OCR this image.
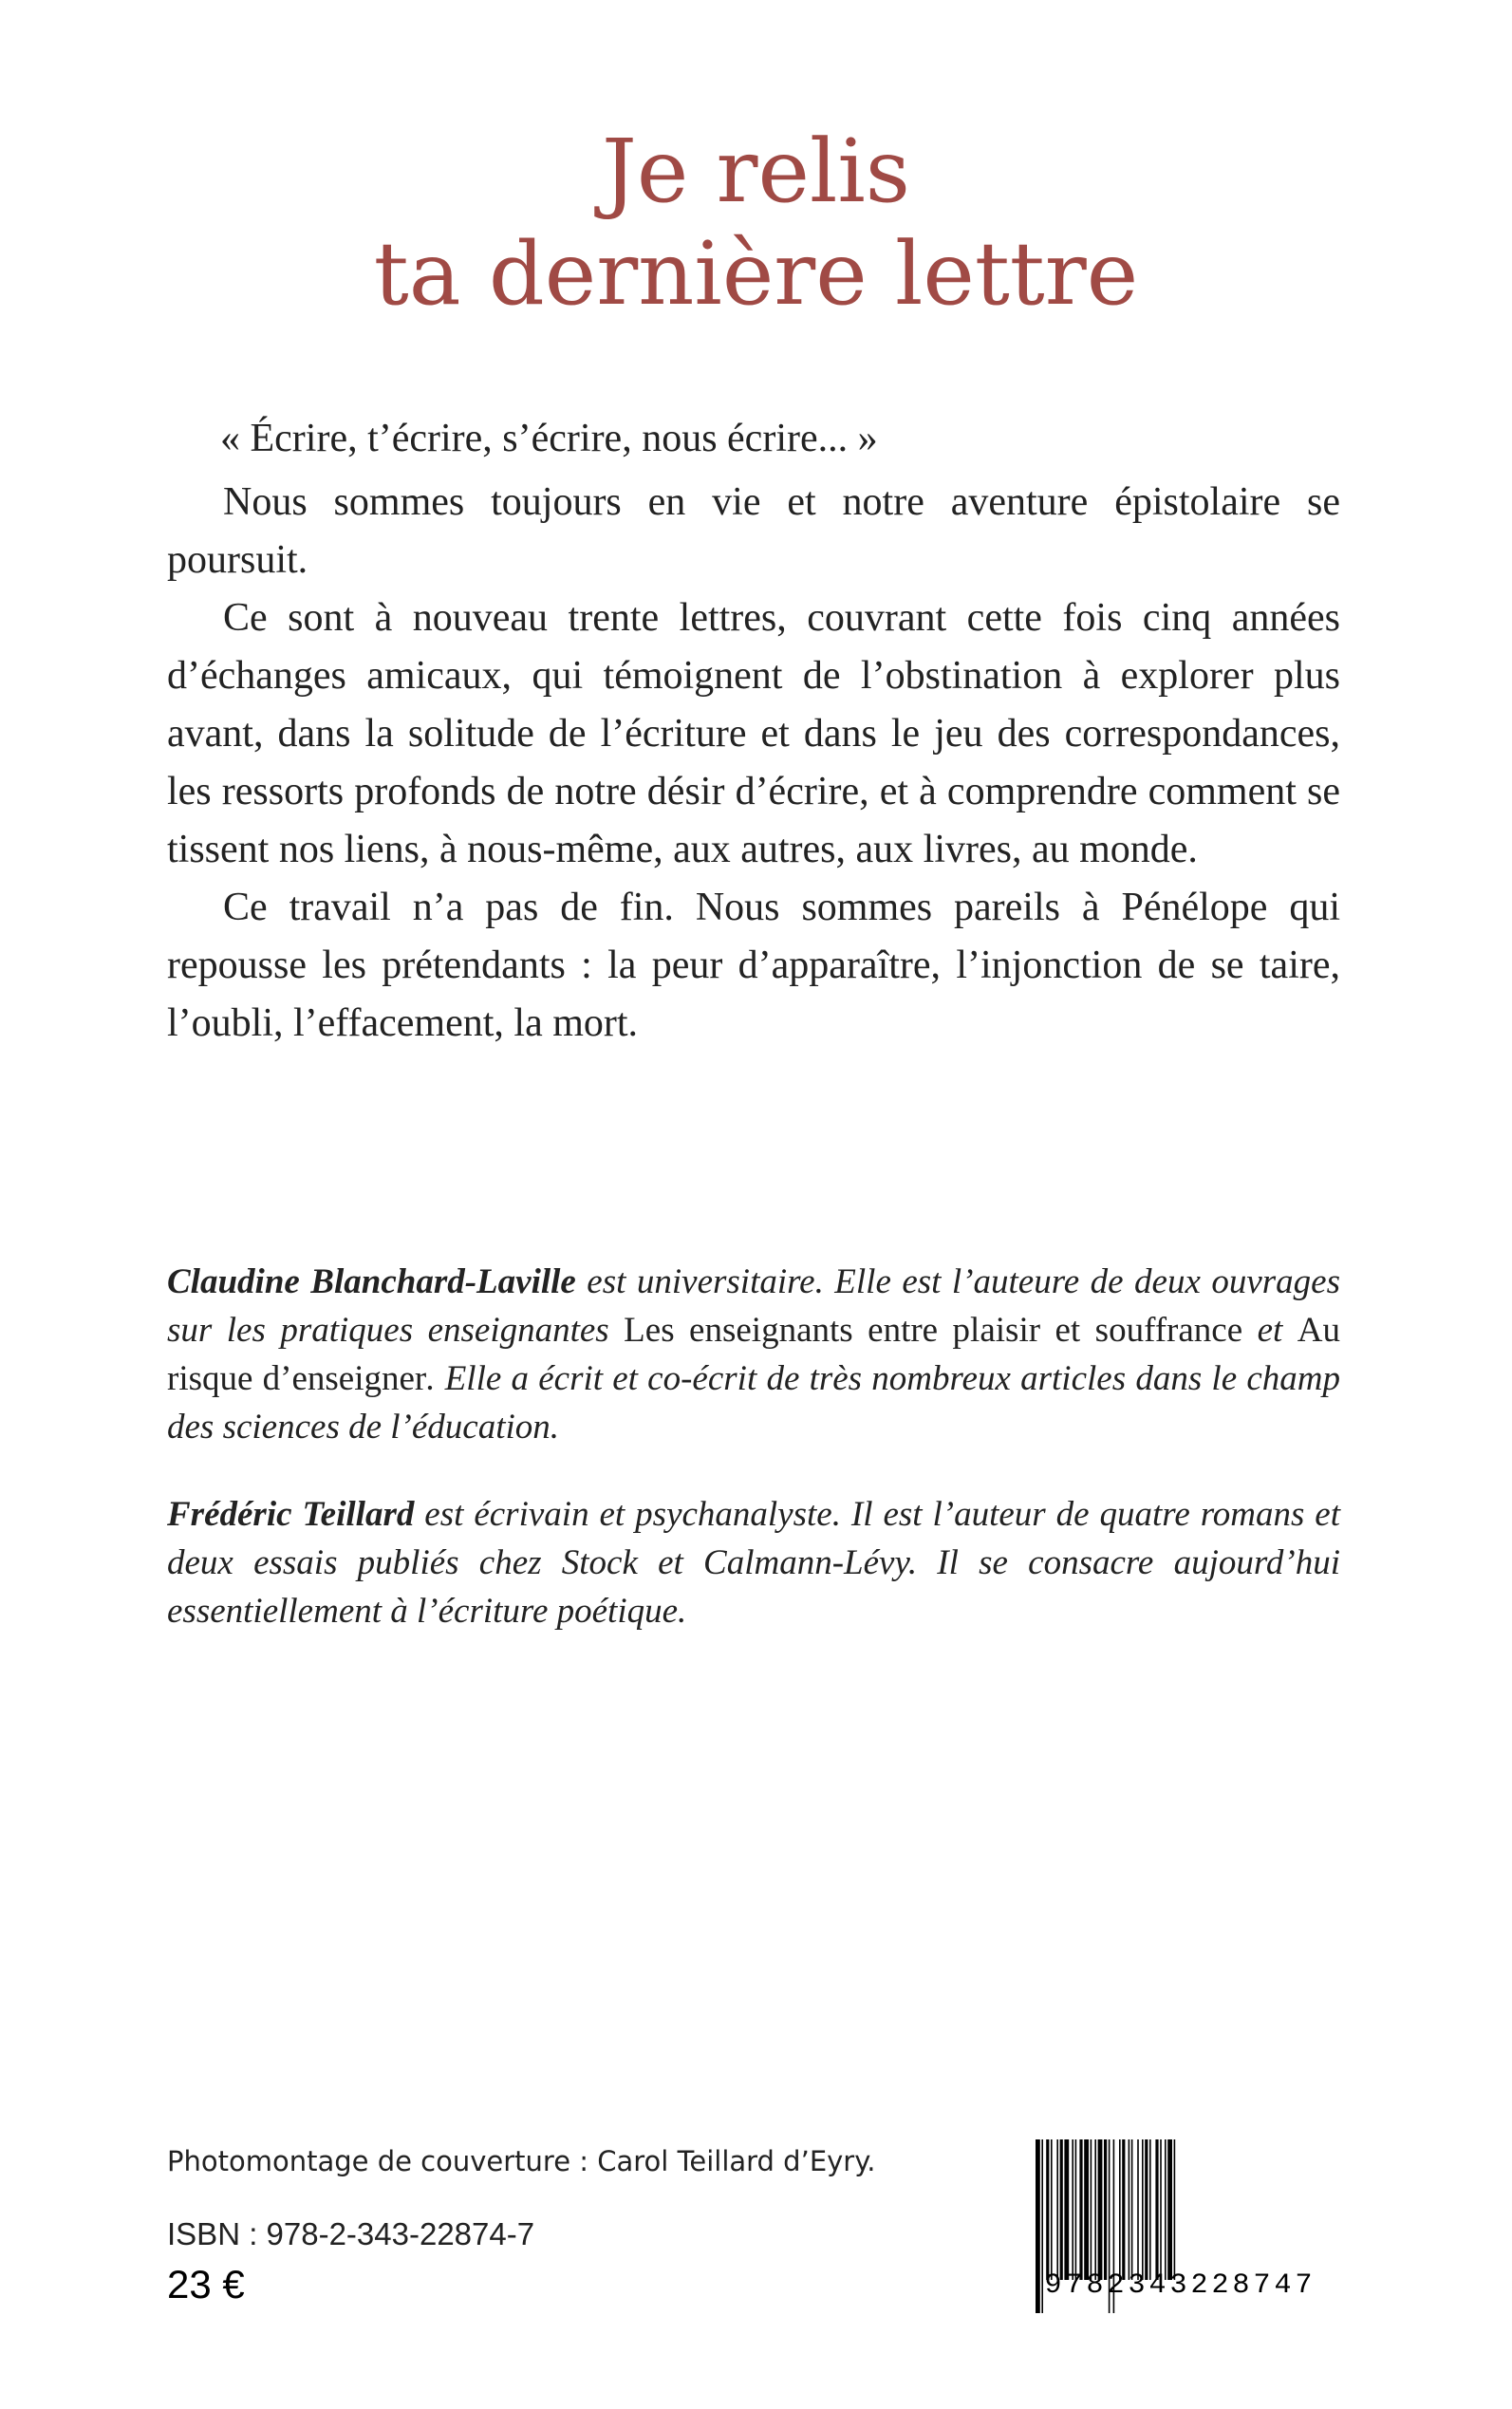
Je relis
ta dernière lettre
« Écrire, t’écrire, s’écrire, nous écrire... »

Nous sommes toujours en vie et notre aventure épistolaire se poursuit.

Ce sont à nouveau trente lettres, couvrant cette fois cinq années d’échanges amicaux, qui témoignent de l’obstination à explorer plus avant, dans la solitude de l’écriture et dans le jeu des correspondances, les ressorts profonds de notre désir d’écrire, et à comprendre comment se tissent nos liens, à nous-même, aux autres, aux livres, au monde.

Ce travail n’a pas de fin. Nous sommes pareils à Pénélope qui repousse les prétendants : la peur d’apparaître, l’injonction de se taire, l’oubli, l’effacement, la mort.

Claudine Blanchard-Laville est universitaire. Elle est l’auteure de deux ouvrages sur les pratiques enseignantes Les enseignants entre plaisir et souffrance et Au risque d’enseigner. Elle a écrit et co-écrit de très nombreux articles dans le champ des sciences de l’éducation.

Frédéric Teillard est écrivain et psychanalyste. Il est l’auteur de quatre romans et deux essais publiés chez Stock et Calmann-Lévy. Il se consacre aujourd’hui essentiellement à l’écriture poétique.

Photomontage de couverture : Carol Teillard d’Eyry.
ISBN : 978-2-343-22874-7
23 €	9782343228747
